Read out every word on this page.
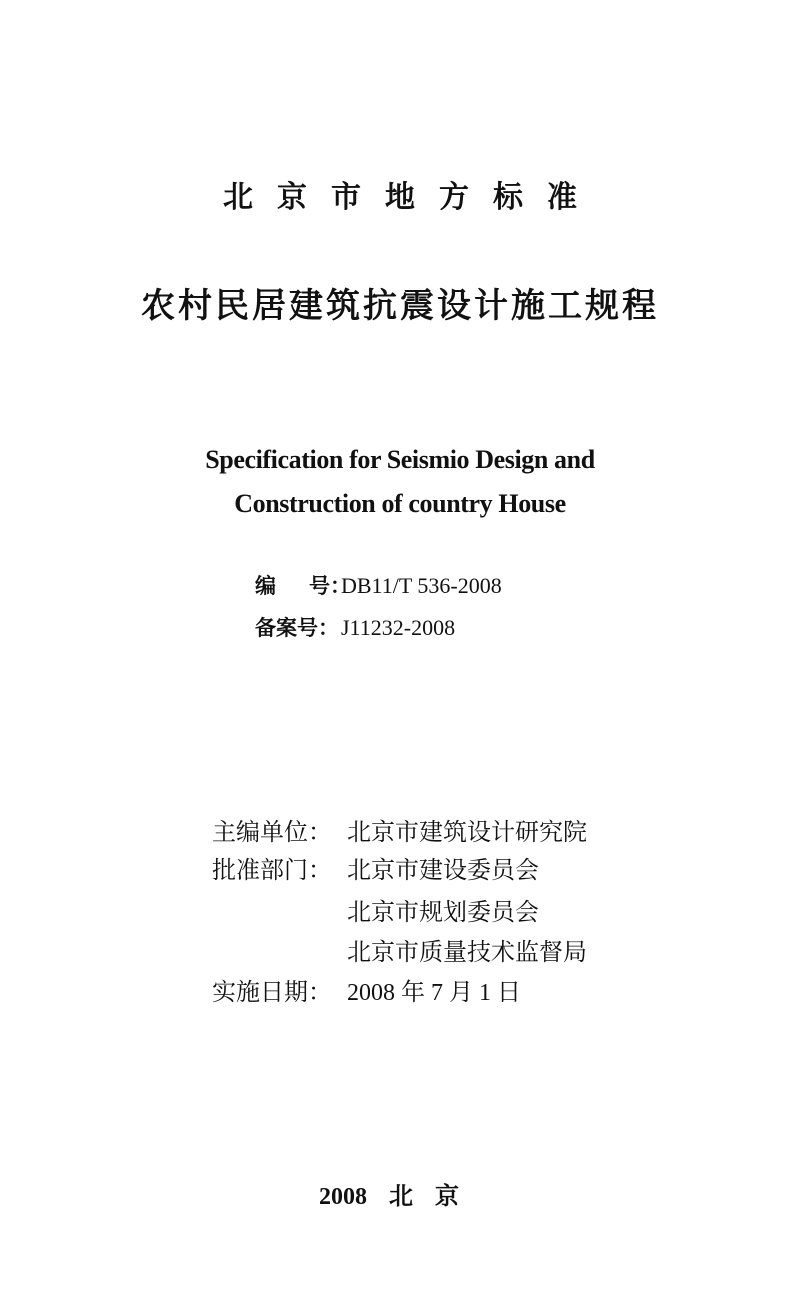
北京市地方标准
农村民居建筑抗震设计施工规程
Specification for Seismio Design and
Construction of country House
编 号：
DB11/T 536-2008
备案号： J11232-2008
主编单位： 北京市建筑设计研究院
批准部门： 北京市建设委员会
北京市规划委员会
北京市质量技术监督局
实施日期： 2008 年 7 月 1 日
2008 北京
